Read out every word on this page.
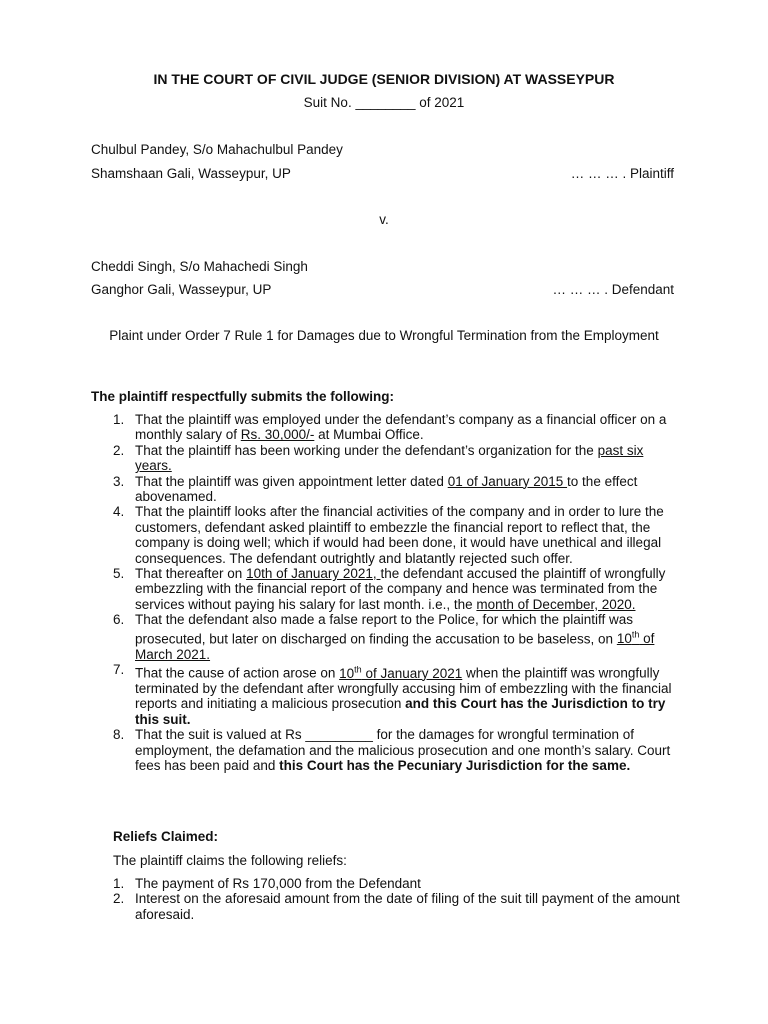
IN THE COURT OF CIVIL JUDGE (SENIOR DIVISION) AT WASSEYPUR
Suit No. ________ of 2021
Chulbul Pandey, S/o Mahachulbul Pandey
Shamshaan Gali, Wasseypur, UP	… … … . Plaintiff
v.
Cheddi Singh, S/o Mahachedi Singh
Ganghor Gali, Wasseypur, UP	… … … . Defendant
Plaint under Order 7 Rule 1 for Damages due to Wrongful Termination from the Employment
The plaintiff respectfully submits the following:
1. That the plaintiff was employed under the defendant’s company as a financial officer on a monthly salary of Rs. 30,000/- at Mumbai Office.
2. That the plaintiff has been working under the defendant’s organization for the past six years.
3. That the plaintiff was given appointment letter dated 01 of January 2015 to the effect abovenamed.
4. That the plaintiff looks after the financial activities of the company and in order to lure the customers, defendant asked plaintiff to embezzle the financial report to reflect that, the company is doing well; which if would had been done, it would have unethical and illegal consequences. The defendant outrightly and blatantly rejected such offer.
5. That thereafter on 10th of January 2021, the defendant accused the plaintiff of wrongfully embezzling with the financial report of the company and hence was terminated from the services without paying his salary for last month. i.e., the month of December, 2020.
6. That the defendant also made a false report to the Police, for which the plaintiff was prosecuted, but later on discharged on finding the accusation to be baseless, on 10th of March 2021.
7. That the cause of action arose on 10th of January 2021 when the plaintiff was wrongfully terminated by the defendant after wrongfully accusing him of embezzling with the financial reports and initiating a malicious prosecution and this Court has the Jurisdiction to try this suit.
8. That the suit is valued at Rs _________ for the damages for wrongful termination of employment, the defamation and the malicious prosecution and one month’s salary. Court fees has been paid and this Court has the Pecuniary Jurisdiction for the same.
Reliefs Claimed:
The plaintiff claims the following reliefs:
1. The payment of Rs 170,000 from the Defendant
2. Interest on the aforesaid amount from the date of filing of the suit till payment of the amount aforesaid.
